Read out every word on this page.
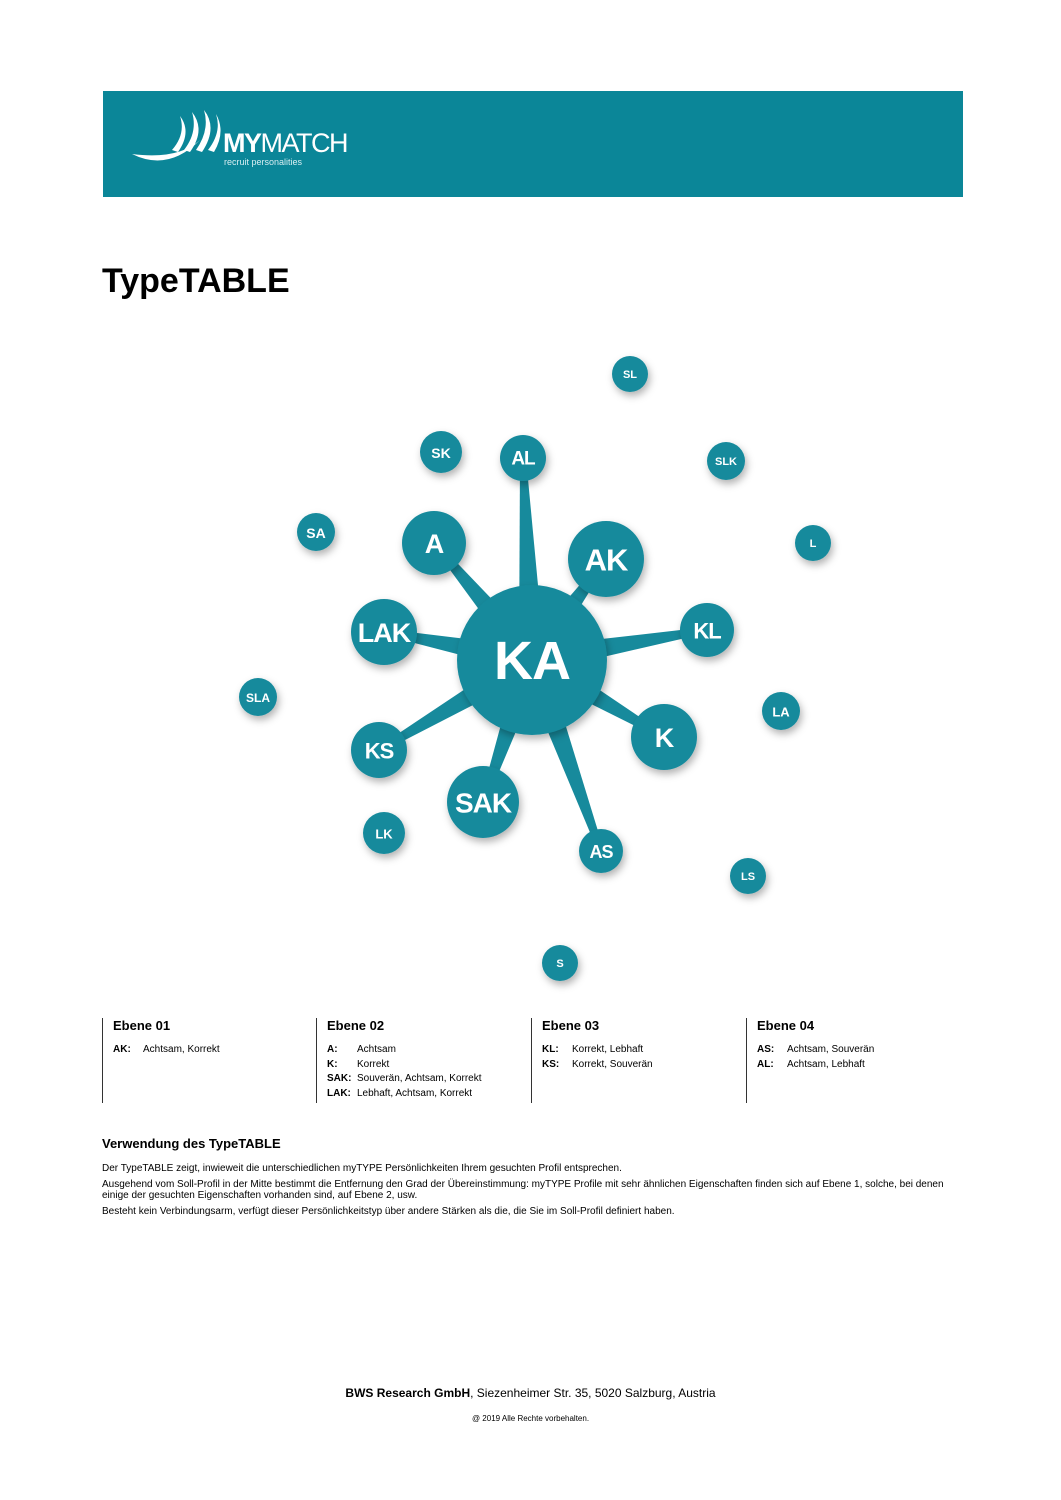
MYMATCH
recruit personalities
TypeTABLE
AL
A	AK
LAK	KL
K
KS
SAK
AS
SL
SK
SLK
SA
L
SLA
LA
LK
LS
S
KA
Ebene 01
AK:	Achtsam, Korrekt
Ebene 02
A:	Achtsam
K:	Korrekt
SAK: Souverän, Achtsam, Korrekt
LAK: Lebhaft, Achtsam, Korrekt
Ebene 03
KL:	Korrekt, Lebhaft
KS:	Korrekt, Souverän
Ebene 04
AS:	Achtsam, Souverän
AL:	Achtsam, Lebhaft
Verwendung des TypeTABLE

Der TypeTABLE zeigt, inwieweit die unterschiedlichen myTYPE Persönlichkeiten Ihrem gesuchten Profil entsprechen.

Ausgehend vom Soll-Profil in der Mitte bestimmt die Entfernung den Grad der Übereinstimmung: myTYPE Profile mit sehr ähnlichen Eigenschaften finden sich auf Ebene 1, solche, bei denen einige der gesuchten Eigenschaften vorhanden sind, auf Ebene 2, usw.

Besteht kein Verbindungsarm, verfügt dieser Persönlichkeitstyp über andere Stärken als die, die Sie im Soll-Profil definiert haben.

BWS Research GmbH, Siezenheimer Str. 35, 5020 Salzburg, Austria
@ 2019 Alle Rechte vorbehalten.
